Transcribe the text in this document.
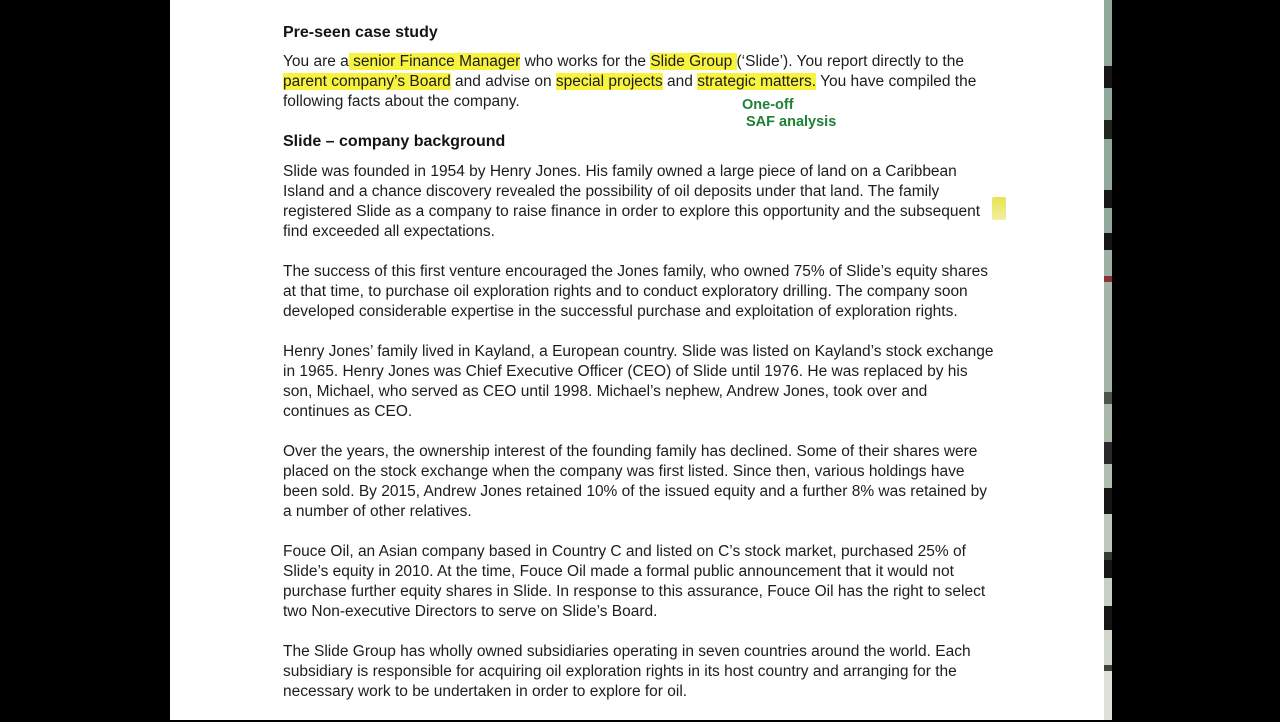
Pre-seen case study

You are a senior Finance Manager who works for the Slide Group (‘Slide’). You report directly to the parent company’s Board and advise on special projects and strategic matters. You have compiled the following facts about the company.	One-off
SAF analysis
Slide – company background

Slide was founded in 1954 by Henry Jones. His family owned a large piece of land on a Caribbean Island and a chance discovery revealed the possibility of oil deposits under that land. The family registered Slide as a company to raise finance in order to explore this opportunity and the subsequent find exceeded all expectations.

The success of this first venture encouraged the Jones family, who owned 75% of Slide’s equity shares at that time, to purchase oil exploration rights and to conduct exploratory drilling. The company soon developed considerable expertise in the successful purchase and exploitation of exploration rights.

Henry Jones’ family lived in Kayland, a European country. Slide was listed on Kayland’s stock exchange in 1965. Henry Jones was Chief Executive Officer (CEO) of Slide until 1976. He was replaced by his son, Michael, who served as CEO until 1998. Michael’s nephew, Andrew Jones, took over and continues as CEO.

Over the years, the ownership interest of the founding family has declined. Some of their shares were placed on the stock exchange when the company was first listed. Since then, various holdings have been sold. By 2015, Andrew Jones retained 10% of the issued equity and a further 8% was retained by a number of other relatives.

Fouce Oil, an Asian company based in Country C and listed on C’s stock market, purchased 25% of Slide’s equity in 2010. At the time, Fouce Oil made a formal public announcement that it would not purchase further equity shares in Slide. In response to this assurance, Fouce Oil has the right to select two Non-executive Directors to serve on Slide’s Board.

The Slide Group has wholly owned subsidiaries operating in seven countries around the world. Each subsidiary is responsible for acquiring oil exploration rights in its host country and arranging for the necessary work to be undertaken in order to explore for oil.
